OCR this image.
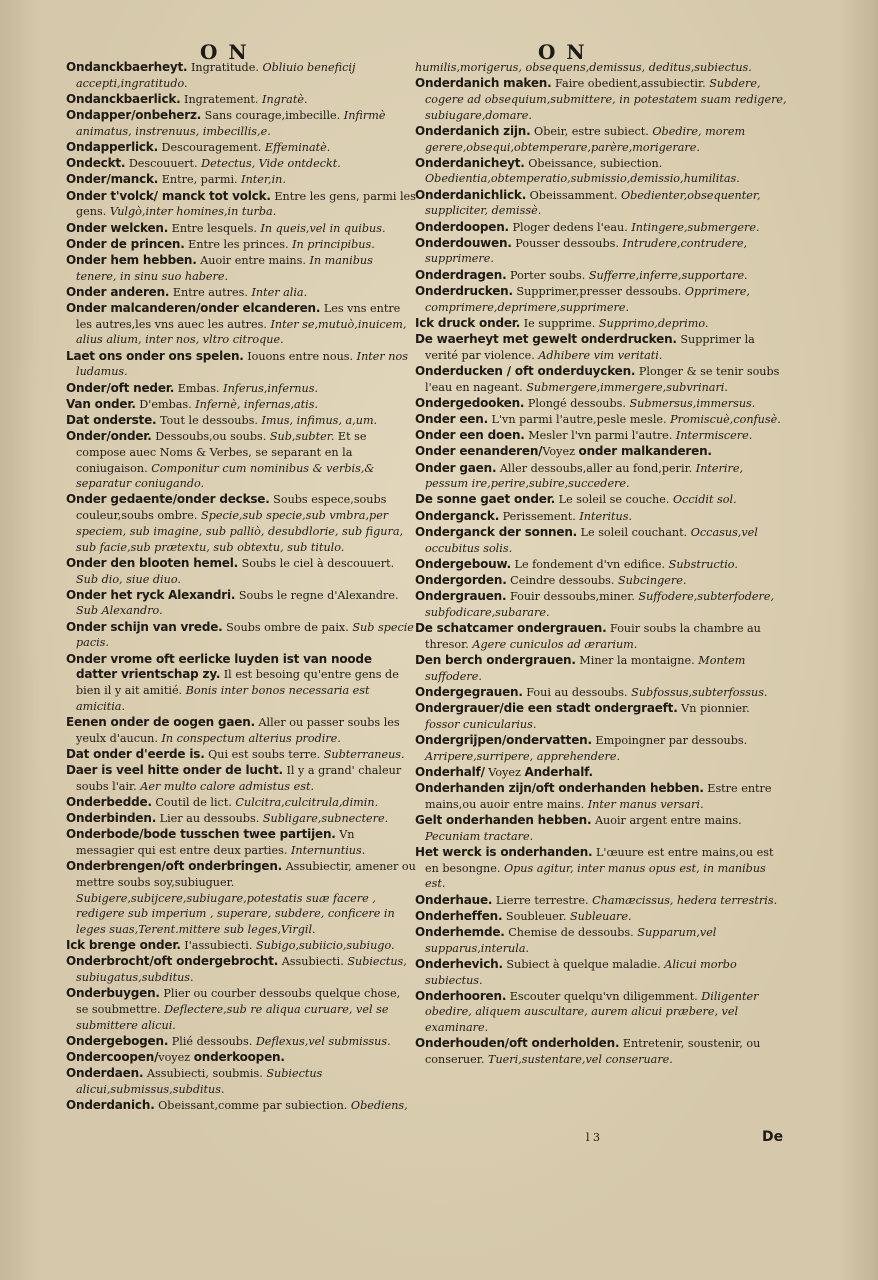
O N	O N
Ondanckbaerheyt. Ingratitude. Obliuio beneficij accepti,ingratitudo.
Ondanckbaerlick. Ingratement. Ingratè.
Ondapper/onbeherz. Sans courage,imbecille. Infirmè animatus, instrenuus, imbecillis,e.
Ondapperlick. Descouragement. Effeminatè.
Ondeckt. Descouuert. Detectus, Vide ontdeckt.
Onder/manck. Entre, parmi. Inter,in.
Onder t'volck/ manck tot volck. Entre les gens, parmi les gens. Vulgò,inter homines,in turba.
Onder welcken. Entre lesquels. In queis,vel in quibus.
Onder de princen. Entre les princes. In principibus.
Onder hem hebben. Auoir entre mains. In manibus tenere, in sinu suo habere.
Onder anderen. Entre autres. Inter alia.
Onder malcanderen/onder elcanderen. Les vns entre les autres,les vns auec les autres. Inter se,mutuò,inuicem, alius alium, inter nos, vltro citroque.
Laet ons onder ons spelen. Iouons entre nous. Inter nos ludamus.
Onder/oft neder. Embas. Inferus,infernus.
Van onder. D'embas. Infernè, infernas,atis.
Dat onderste. Tout le dessoubs. Imus, infimus, a,um.
Onder/onder. Dessoubs,ou soubs. Sub,subter. Et se compose auec Noms & Verbes, se separant en la coniugaison. Componitur cum nominibus & verbis,& separatur coniugando.
Onder gedaente/onder deckse. Soubs espece,soubs couleur,soubs ombre. Specie,sub specie,sub vmbra,per speciem, sub imagine, sub palliò, desubdlorie, sub figura, sub facie,sub prætextu, sub obtextu, sub titulo.
Onder den blooten hemel. Soubs le ciel à descouuert. Sub dio, siue diuo.
Onder het ryck Alexandri. Soubs le regne d'Alexandre. Sub Alexandro.
Onder schijn van vrede. Soubs ombre de paix. Sub specie pacis.
Onder vrome oft eerlicke luyden ist van noode datter vrientschap zy. Il est besoing qu'entre gens de bien il y ait amitié. Bonis inter bonos necessaria est amicitia.
Eenen onder de oogen gaen. Aller ou passer soubs les yeulx d'aucun. In conspectum alterius prodire.
Dat onder d'eerde is. Qui est soubs terre. Subterraneus.
Daer is veel hitte onder de lucht. Il y a grand' chaleur soubs l'air. Aer multo calore admistus est.
Onderbedde. Coutil de lict. Culcitra,culcitrula,dimin.
Onderbinden. Lier au dessoubs. Subligare,subnectere.
Onderbode/bode tusschen twee partijen. Vn messagier qui est entre deux parties. Internuntius.
Onderbrengen/oft onderbringen. Assubiectir, amener ou mettre soubs soy,subiuguer. Subigere,subijcere,subiugare,potestatis suæ facere , redigere sub imperium , superare, subdere, conficere in leges suas,Terent.mittere sub leges,Virgil.
Ick brenge onder. I'assubiecti. Subigo,subiicio,subiugo.
Onderbrocht/oft ondergebrocht. Assubiecti. Subiectus, subiugatus,subditus.
Onderbuygen. Plier ou courber dessoubs quelque chose, se soubmettre. Deflectere,sub re aliqua curuare, vel se submittere alicui.
Ondergebogen. Plié dessoubs. Deflexus,vel submissus.
Ondercoopen/voyez onderkoopen.
Onderdaen. Assubiecti, soubmis. Subiectus alicui,submissus,subditus.
Onderdanich. Obeissant,comme par subiection. Obediens,
humilis,morigerus, obsequens,demissus, deditus,subiectus.
Onderdanich maken. Faire obedient,assubiectir. Subdere, cogere ad obsequium,submittere, in potestatem suam redigere, subiugare,domare.
Onderdanich zijn. Obeir, estre subiect. Obedire, morem gerere,obsequi,obtemperare,parère,morigerare.
Onderdanicheyt. Obeissance, subiection. Obedientia,obtemperatio,submissio,demissio,humilitas.
Onderdanichlick. Obeissamment. Obedienter,obsequenter, suppliciter, demissè.
Onderdoopen. Ploger dedens l'eau. Intingere,submergere.
Onderdouwen. Pousser dessoubs. Intrudere,contrudere, supprimere.
Onderdragen. Porter soubs. Sufferre,inferre,supportare.
Onderdrucken. Supprimer,presser dessoubs. Opprimere, comprimere,deprimere,supprimere.
Ick druck onder. Ie supprime. Supprimo,deprimo.
De waerheyt met gewelt onderdrucken. Supprimer la verité par violence. Adhibere vim veritati.
Onderducken / oft onderduycken. Plonger & se tenir soubs l'eau en nageant. Submergere,immergere,subvrinari.
Ondergedooken. Plongé dessoubs. Submersus,immersus.
Onder een. L'vn parmi l'autre,pesle mesle. Promiscuè,confusè.
Onder een doen. Mesler l'vn parmi l'autre. Intermiscere.
Onder eenanderen/Voyez onder malkanderen.
Onder gaen. Aller dessoubs,aller au fond,perir. Interire, pessum ire,perire,subire,succedere.
De sonne gaet onder. Le soleil se couche. Occidit sol.
Onderganck. Perissement. Interitus.
Onderganck der sonnen. Le soleil couchant. Occasus,vel occubitus solis.
Ondergebouw. Le fondement d'vn edifice. Substructio.
Ondergorden. Ceindre dessoubs. Subcingere.
Ondergrauen. Fouir dessoubs,miner. Suffodere,subterfodere, subfodicare,subarare.
De schatcamer ondergrauen. Fouir soubs la chambre au thresor. Agere cuniculos ad ærarium.
Den berch ondergrauen. Miner la montaigne. Montem suffodere.
Ondergegrauen. Foui au dessoubs. Subfossus,subterfossus.
Ondergrauer/die een stadt ondergraeft. Vn pionnier. fossor cunicularius.
Ondergrijpen/ondervatten. Empoingner par dessoubs. Arripere,surripere, apprehendere.
Onderhalf/ Voyez Anderhalf.
Onderhanden zijn/oft onderhanden hebben. Estre entre mains,ou auoir entre mains. Inter manus versari.
Gelt onderhanden hebben. Auoir argent entre mains. Pecuniam tractare.
Het werck is onderhanden. L'œuure est entre mains,ou est en besongne. Opus agitur, inter manus opus est, in manibus est.
Onderhaue. Lierre terrestre. Chamæcissus, hedera terrestris.
Onderheffen. Soubleuer. Subleuare.
Onderhemde. Chemise de dessoubs. Supparum,vel supparus,interula.
Onderhevich. Subiect à quelque maladie. Alicui morbo subiectus.
Onderhooren. Escouter quelqu'vn diligemment. Diligenter obedire, aliquem auscultare, aurem alicui præbere, vel examinare.
Onderhouden/oft onderholden. Entretenir, soustenir, ou conseruer. Tueri,sustentare,vel conseruare.
l 3	De
